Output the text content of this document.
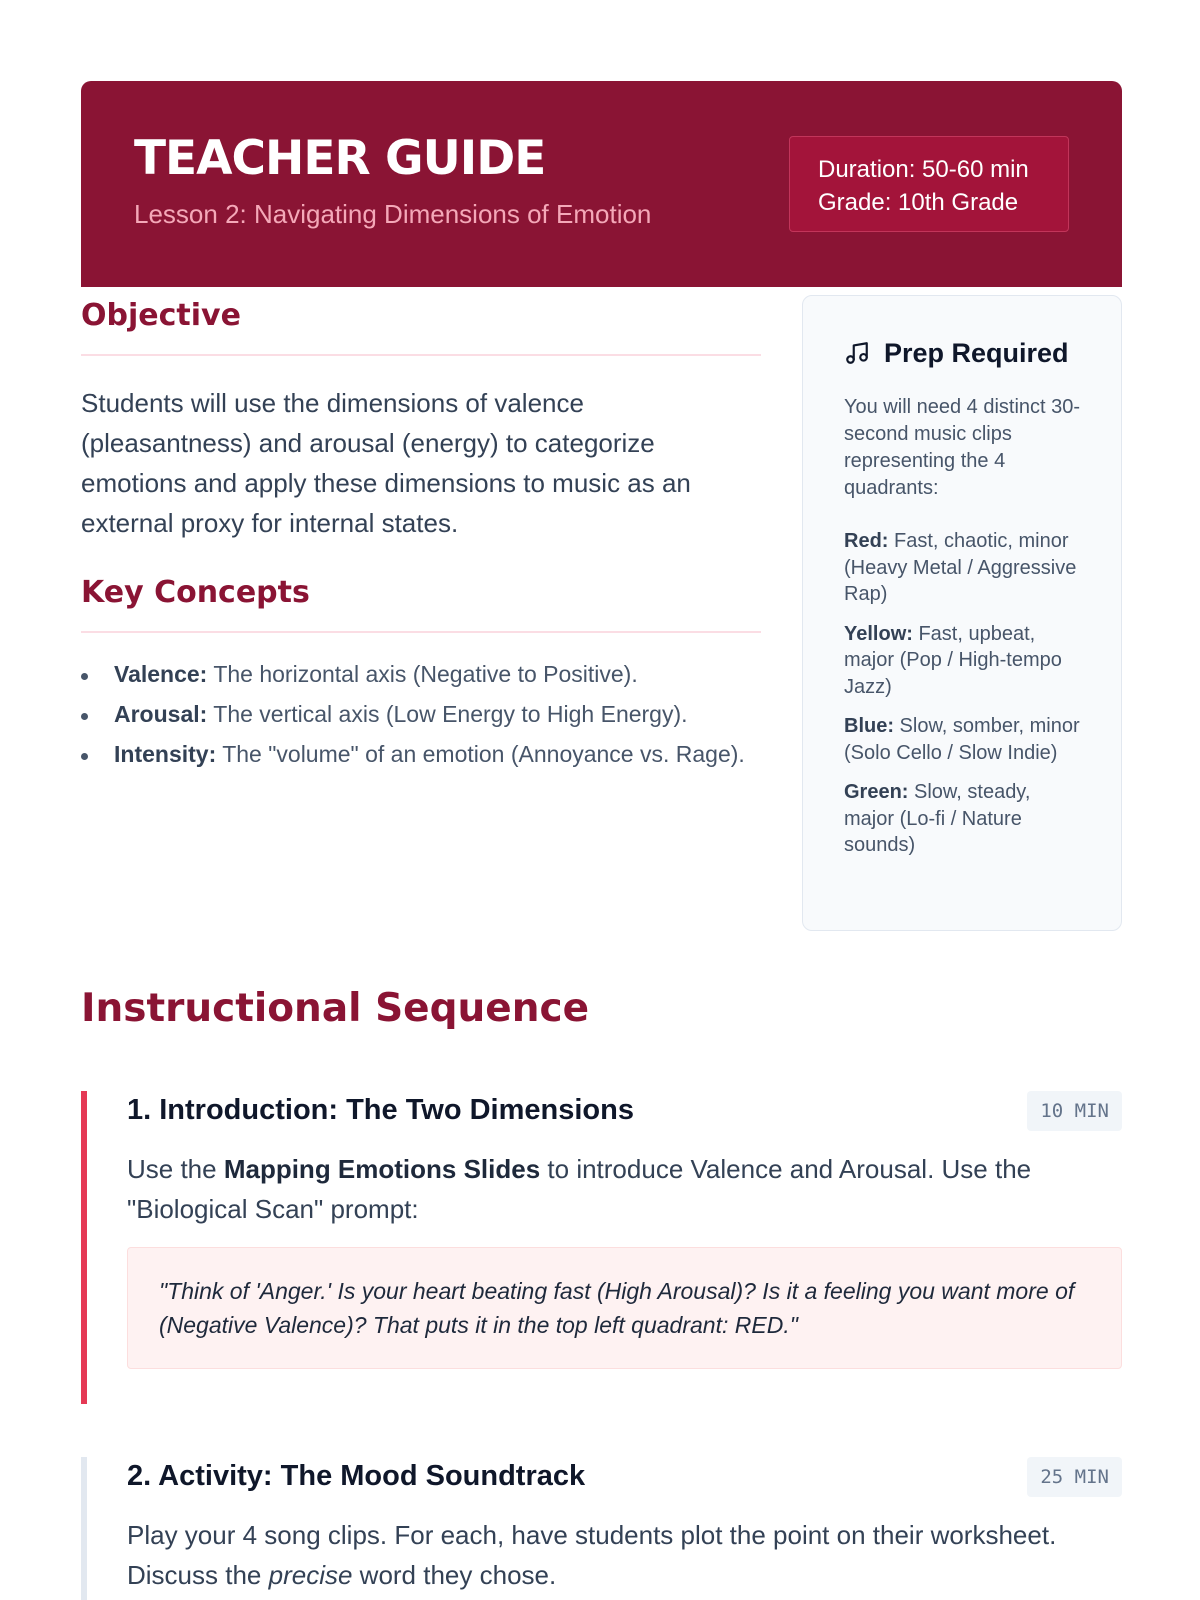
TEACHER GUIDE
Lesson 2: Navigating Dimensions of Emotion
Duration: 50-60 min
Grade: 10th Grade
Objective

Students will use the dimensions of valence (pleasantness) and arousal (energy) to categorize emotions and apply these dimensions to music as an external proxy for internal states.

Key Concepts
Valence: The horizontal axis (Negative to Positive).
Arousal: The vertical axis (Low Energy to High Energy).
Intensity: The "volume" of an emotion (Annoyance vs. Rage).
Prep Required

You will need 4 distinct 30-second music clips representing the 4 quadrants:

Red: Fast, chaotic, minor (Heavy Metal / Aggressive Rap)

Yellow: Fast, upbeat, major (Pop / High-tempo Jazz)

Blue: Slow, somber, minor (Solo Cello / Slow Indie)

Green: Slow, steady, major (Lo-fi / Nature sounds)

Instructional Sequence
1. Introduction: The Two Dimensions	10 MIN

Use the Mapping Emotions Slides to introduce Valence and Arousal. Use the "Biological Scan" prompt:

"Think of 'Anger.' Is your heart beating fast (High Arousal)? Is it a feeling you want more of (Negative Valence)? That puts it in the top left quadrant: RED."
2. Activity: The Mood Soundtrack	25 MIN

Play your 4 song clips. For each, have students plot the point on their worksheet. Discuss the precise word they chose.
